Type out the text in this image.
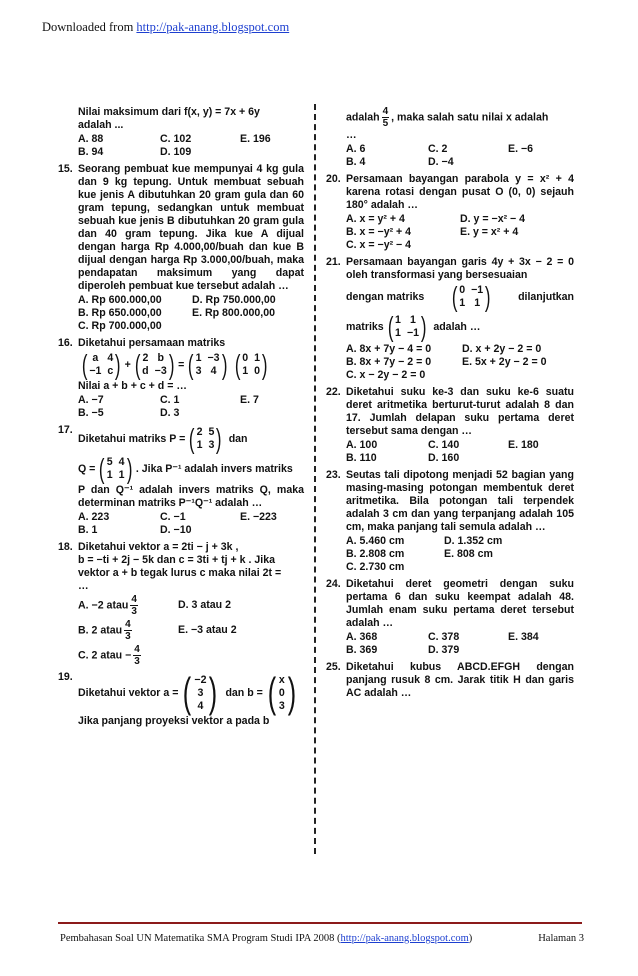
Downloaded from http://pak-anang.blogspot.com
Nilai maksimum dari f(x, y) = 7x + 6y
adalah ...
A. 88	C. 102	E. 196
B. 94	D. 109
15. Seorang pembuat kue mempunyai 4 kg gula dan 9 kg tepung. Untuk membuat sebuah kue jenis A dibutuhkan 20 gram gula dan 60 gram tepung, sedangkan untuk membuat sebuah kue jenis B dibutuhkan 20 gram gula dan 40 gram tepung. Jika kue A dijual dengan harga Rp 4.000,00/buah dan kue B dijual dengan harga Rp 3.000,00/buah, maka pendapatan maksimum yang dapat diperoleh pembuat kue tersebut adalah …
A. Rp 600.000,00	D. Rp 750.000,00
B. Rp 650.000,00	E. Rp 800.000,00
C. Rp 700.000,00
16. Diketahui persamaan matriks
( a 4
−1 c ) + ( 2 b
d −3 ) = ( 1 −3
3 4 ) ( 0 1
1 0 )
Nilai a + b + c + d = …
A. −7	C. 1	E. 7
B. −5	D. 3
17.
Diketahui matriks P = ( 2 5
1 3 ) dan
Q = ( 5 4
1 1 ) . Jika P⁻¹ adalah invers matriks
P dan Q⁻¹ adalah invers matriks Q, maka determinan matriks P⁻¹Q⁻¹ adalah …
A. 223	C. −1	E. −223
B. 1	D. −10
18. Diketahui vektor a = 2ti − j + 3k ,
b = −ti + 2j − 5k dan c = 3ti + tj + k . Jika
vektor a + b tegak lurus c maka nilai 2t =
…
A. −2 atau $\frac{4}{3}$	D. 3 atau 2
B. 2 atau $\frac{4}{3}$	E. −3 atau 2
C. 2 atau − $\frac{4}{3}$
19.
Diketahui vektor a = ( −2
3
4 ) dan b = ( x
0
3 )
Jika panjang proyeksi vektor a pada b
adalah $\frac{4}{5}$ , maka salah satu nilai x adalah
…
A. 6	C. 2	E. −6
B. 4	D. −4
20. Persamaan bayangan parabola y = x² + 4 karena rotasi dengan pusat O (0, 0) sejauh 180° adalah …
A. x = y² + 4	D. y = −x² − 4
B. x = −y² + 4	E. y = x² + 4
C. x = −y² − 4
21. Persamaan bayangan garis 4y + 3x − 2 = 0 oleh transformasi yang bersesuaian
dengan matriks ( 0 −1
1 1 )	dilanjutkan
matriks ( 1 1
1 −1 ) adalah …
A. 8x + 7y − 4 = 0	D. x + 2y − 2 = 0
B. 8x + 7y − 2 = 0	E. 5x + 2y − 2 = 0
C. x − 2y − 2 = 0
22. Diketahui suku ke-3 dan suku ke-6 suatu deret aritmetika berturut-turut adalah 8 dan 17. Jumlah delapan suku pertama deret tersebut sama dengan …
A. 100	C. 140	E. 180
B. 110	D. 160
23. Seutas tali dipotong menjadi 52 bagian yang masing-masing potongan membentuk deret aritmetika. Bila potongan tali terpendek adalah 3 cm dan yang terpanjang adalah 105 cm, maka panjang tali semula adalah …
A. 5.460 cm	D. 1.352 cm
B. 2.808 cm	E. 808 cm
C. 2.730 cm
24. Diketahui deret geometri dengan suku pertama 6 dan suku keempat adalah 48. Jumlah enam suku pertama deret tersebut adalah …
A. 368	C. 378	E. 384
B. 369	D. 379
25. Diketahui kubus ABCD.EFGH dengan panjang rusuk 8 cm. Jarak titik H dan garis AC adalah …
Pembahasan Soal UN Matematika SMA Program Studi IPA 2008 (http://pak-anang.blogspot.com)	Halaman 3
